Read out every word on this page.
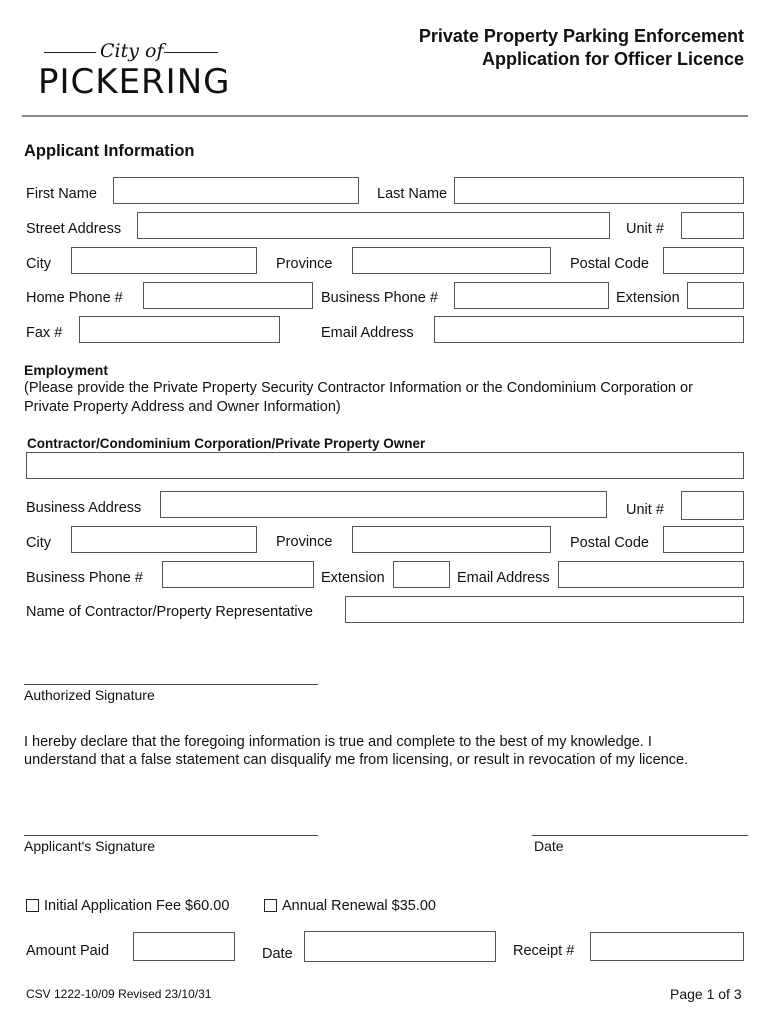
City of
PICKERING
Private Property Parking Enforcement
Application for Officer Licence
Applicant Information
First Name	Last Name
Street Address	Unit #
City	Province	Postal Code
Home Phone #	Business Phone #	Extension
Fax #	Email Address
Employment
(Please provide the Private Property Security Contractor Information or the Condominium Corporation or
Private Property Address and Owner Information)
Contractor/Condominium Corporation/Private Property Owner
Business Address	Unit #
City	Province	Postal Code
Business Phone #	Extension	Email Address
Name of Contractor/Property Representative
Authorized Signature
I hereby declare that the foregoing information is true and complete to the best of my knowledge. I
understand that a false statement can disqualify me from licensing, or result in revocation of my licence.
Applicant's Signature	Date
Initial Application Fee $60.00	Annual Renewal $35.00
Amount Paid	Date	Receipt #
CSV 1222-10/09 Revised 23/10/31	Page 1 of 3
